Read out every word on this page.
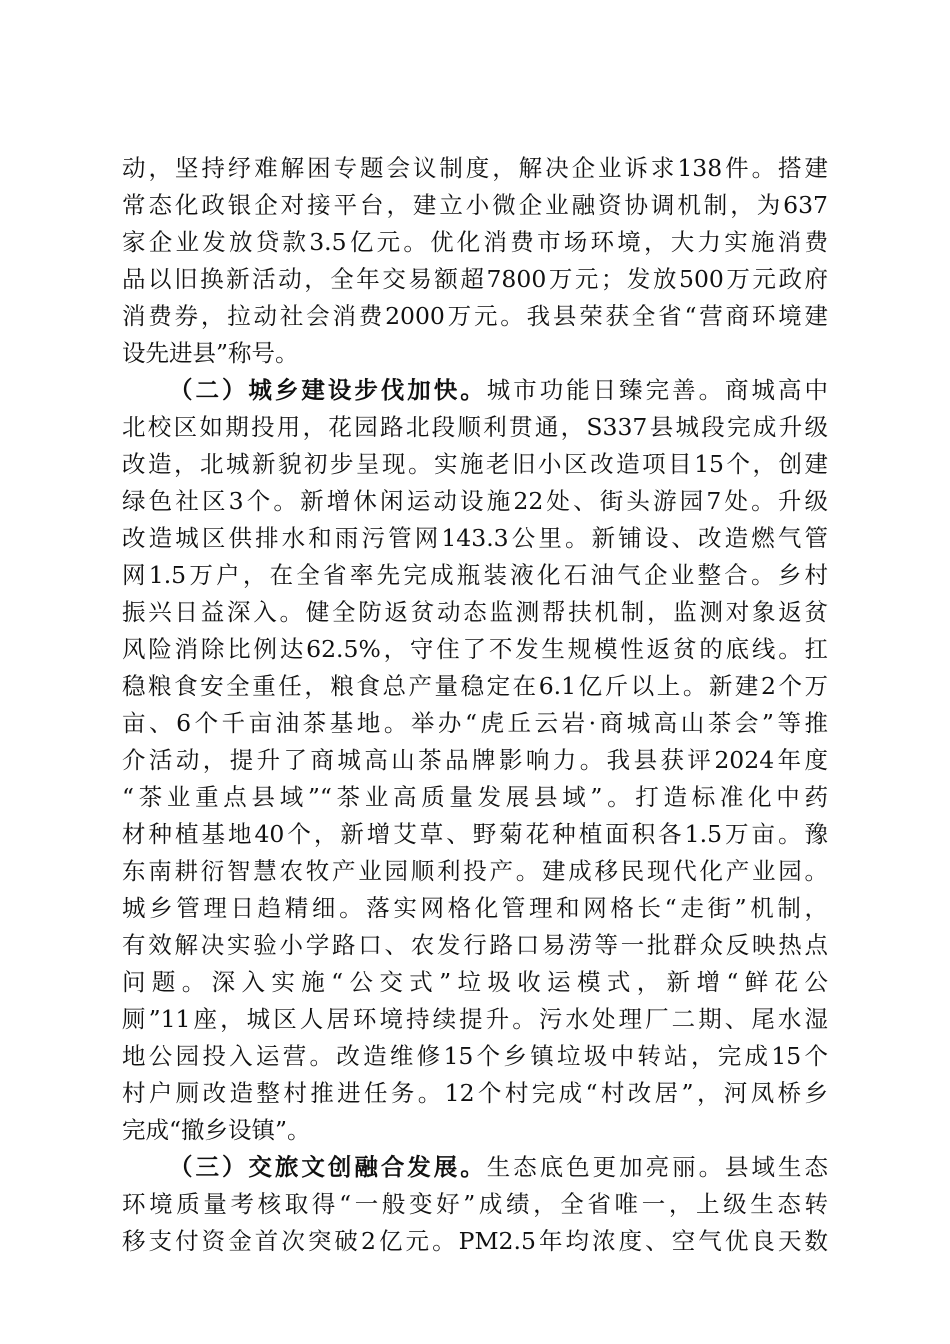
动，坚持纾难解困专题会议制度，解决企业诉求138件。搭建
常态化政银企对接平台，建立小微企业融资协调机制，为637
家企业发放贷款3.5亿元。优化消费市场环境，大力实施消费
品以旧换新活动，全年交易额超7800万元；发放500万元政府
消费券，拉动社会消费2000万元。我县荣获全省“营商环境建
设先进县”称号。
（二）城乡建设步伐加快。城市功能日臻完善。商城高中
北校区如期投用，花园路北段顺利贯通，S337县城段完成升级
改造，北城新貌初步呈现。实施老旧小区改造项目15个，创建
绿色社区3个。新增休闲运动设施22处、街头游园7处。升级
改造城区供排水和雨污管网143.3公里。新铺设、改造燃气管
网1.5万户，在全省率先完成瓶装液化石油气企业整合。乡村
振兴日益深入。健全防返贫动态监测帮扶机制，监测对象返贫
风险消除比例达62.5%，守住了不发生规模性返贫的底线。扛
稳粮食安全重任，粮食总产量稳定在6.1亿斤以上。新建2个万
亩、6个千亩油茶基地。举办“虎丘云岩·商城高山茶会”等推
介活动，提升了商城高山茶品牌影响力。我县获评2024年度
“茶业重点县域”“茶业高质量发展县域”。打造标准化中药
材种植基地40个，新增艾草、野菊花种植面积各1.5万亩。豫
东南耕衍智慧农牧产业园顺利投产。建成移民现代化产业园。
城乡管理日趋精细。落实网格化管理和网格长“走街”机制，
有效解决实验小学路口、农发行路口易涝等一批群众反映热点
问题。深入实施“公交式”垃圾收运模式，新增“鲜花公
厕”11座，城区人居环境持续提升。污水处理厂二期、尾水湿
地公园投入运营。改造维修15个乡镇垃圾中转站，完成15个
村户厕改造整村推进任务。12个村完成“村改居”，河凤桥乡
完成“撤乡设镇”。
（三）交旅文创融合发展。生态底色更加亮丽。县域生态
环境质量考核取得“一般变好”成绩，全省唯一，上级生态转
移支付资金首次突破2亿元。PM2.5年均浓度、空气优良天数
